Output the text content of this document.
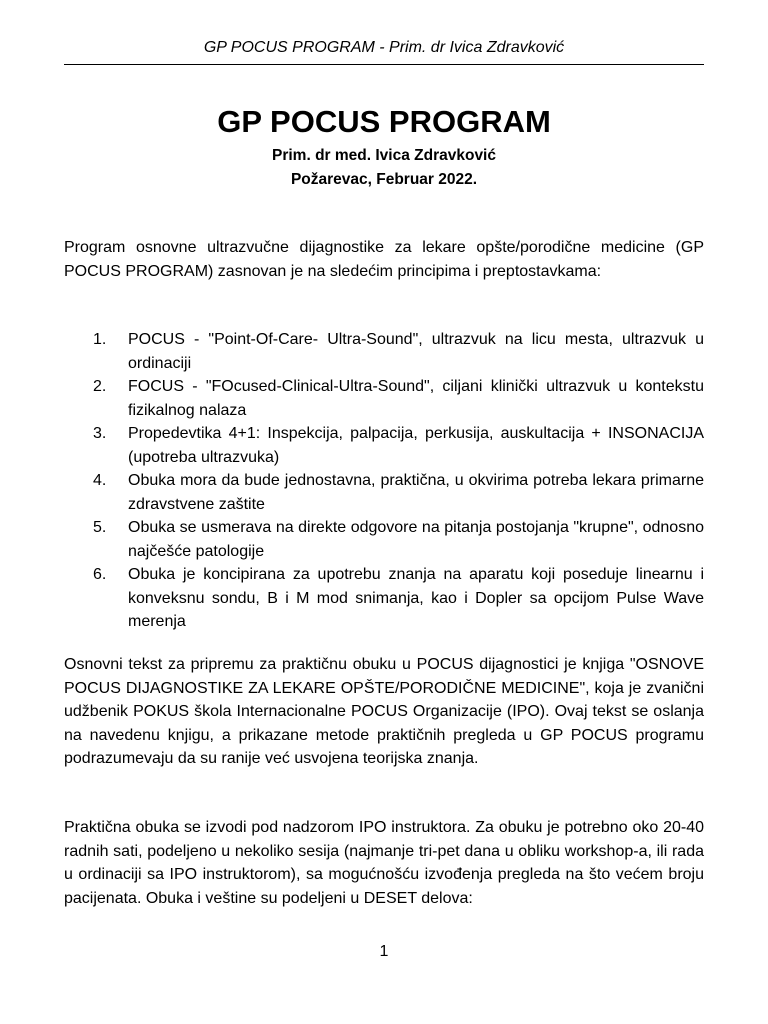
GP POCUS PROGRAM - Prim. dr Ivica Zdravković
GP POCUS PROGRAM
Prim. dr med. Ivica Zdravković
Požarevac, Februar 2022.

Program osnovne ultrazvučne dijagnostike za lekare opšte/porodične medicine (GP POCUS PROGRAM) zasnovan je na sledećim principima i preptostavkama:

1. POCUS - "Point-Of-Care- Ultra-Sound", ultrazvuk na licu mesta, ultrazvuk u ordinaciji
2. FOCUS - "FOcused-Clinical-Ultra-Sound", ciljani klinički ultrazvuk u kontekstu fizikalnog nalaza
3. Propedevtika 4+1: Inspekcija, palpacija, perkusija, auskultacija + INSONACIJA (upotreba ultrazvuka)
4. Obuka mora da bude jednostavna, praktična, u okvirima potreba lekara primarne zdravstvene zaštite
5. Obuka se usmerava na direkte odgovore na pitanja postojanja "krupne", odnosno najčešće patologije
6. Obuka je koncipirana za upotrebu znanja na aparatu koji poseduje linearnu i konveksnu sondu, B i M mod snimanja, kao i Dopler sa opcijom Pulse Wave merenja

Osnovni tekst za pripremu za praktičnu obuku u POCUS dijagnostici je knjiga "OSNOVE POCUS DIJAGNOSTIKE ZA LEKARE OPŠTE/PORODIČNE MEDICINE", koja je zvanični udžbenik POKUS škola Internacionalne POCUS Organizacije (IPO). Ovaj tekst se oslanja na navedenu knjigu, a prikazane metode praktičnih pregleda u GP POCUS programu podrazumevaju da su ranije već usvojena teorijska znanja.

Praktična obuka se izvodi pod nadzorom IPO instruktora. Za obuku je potrebno oko 20-40 radnih sati, podeljeno u nekoliko sesija (najmanje tri-pet dana u obliku workshop-a, ili rada u ordinaciji sa IPO instruktorom), sa mogućnošću izvođenja pregleda na što većem broju pacijenata. Obuka i veštine su podeljeni u DESET delova:

1
